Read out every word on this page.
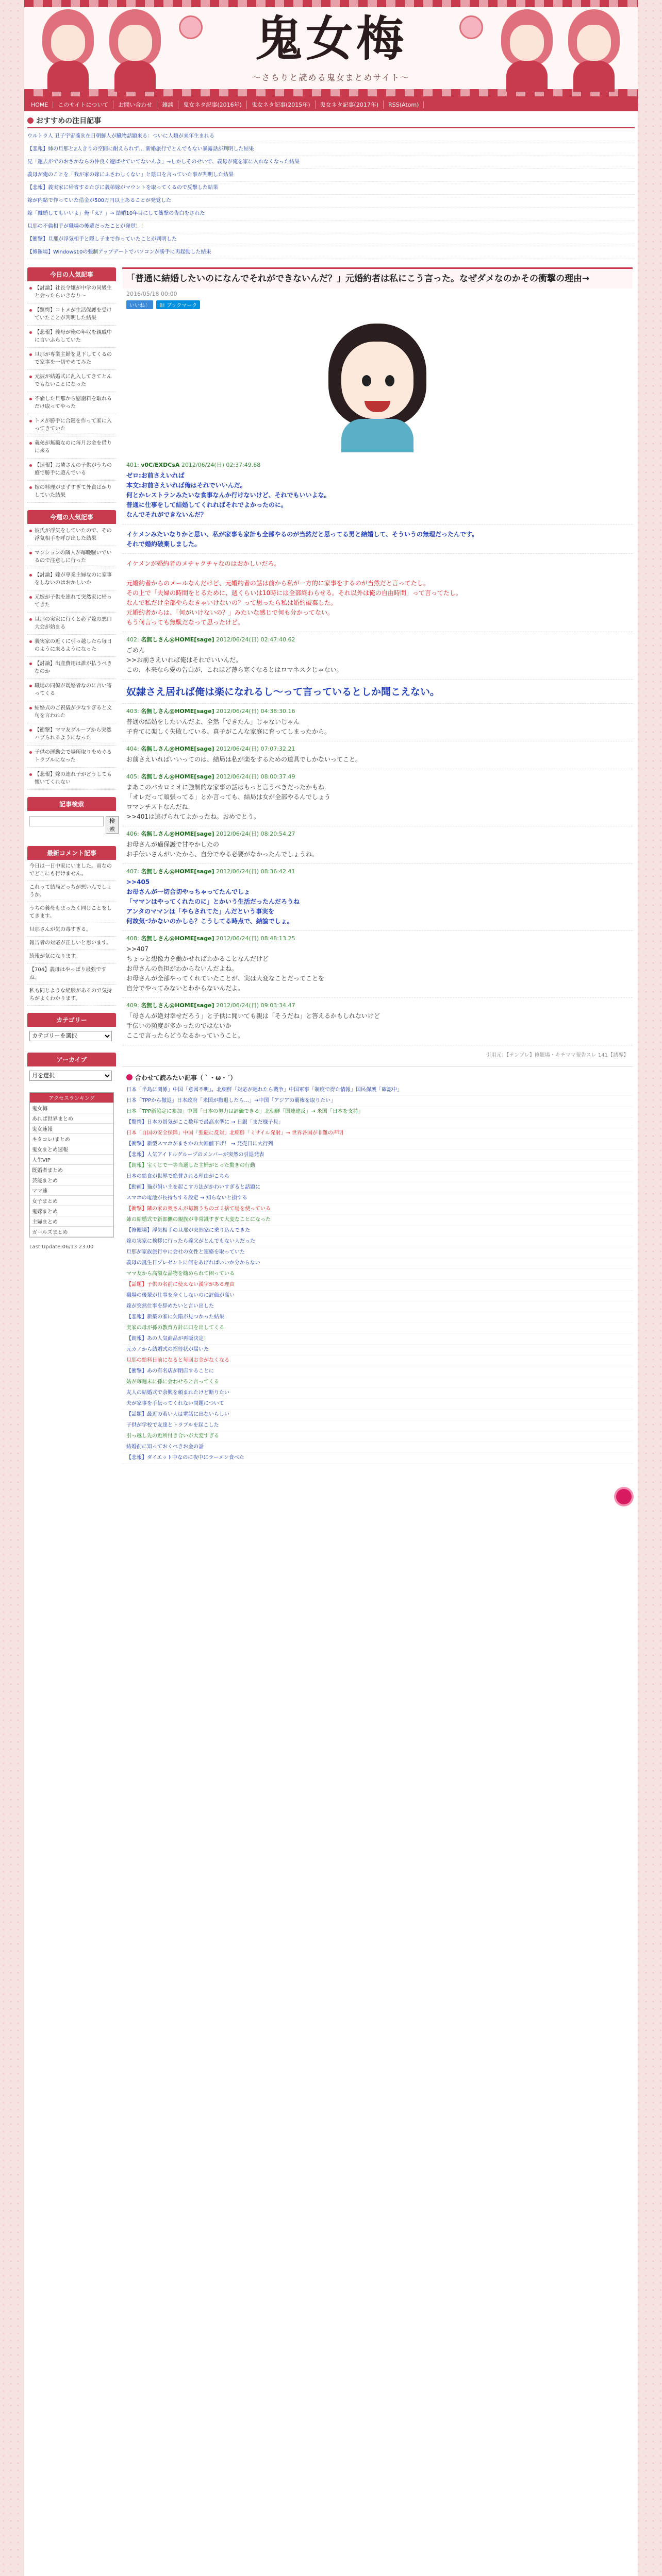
鬼女梅
～さらりと読める鬼女まとめサイト～
HOME	このサイトについて	お問い合わせ	雑談	鬼女ネタ記事(2016年)	鬼女ネタ記事(2015年)	鬼女ネタ記事(2017年)	RSS(Atom)
おすすめの注目記事
ウルトラ人 丑子宇宙藻Ｒ在日朝鮮人が臓物話題来る：ついに人類が来年生まれる
【悲報】姉の旦那と2人きりの空間に耐えられず… 新婚旅行でとんでもない暴露話が判明した結果
兄「運去がでのおさかならの仲良く遊ばせていてないんよ」→しかしそのせいで、義母が俺を家に入れなくなった結果
義母が俺のことを「我が家の嫁にふさわしくない」と陰口を言っていた事が判明した結果
【悲報】義実家に帰省するたびに義弟嫁がマウントを取ってくるので反撃した結果
嫁が内緒で作っていた借金が500万円以上あることが発覚した
嫁「離婚してもいいよ」俺「え？」→ 結婚10年目にして衝撃の告白をされた
旦那の不倫相手が職場の後輩だったことが発覚！！
【衝撃】旦那が浮気相手と隠し子まで作っていたことが判明した
【修羅場】Windows10の強制アップデートでパソコンが勝手に再起動した結果
今日の人気記事
【討論】社長令嬢が中学の同級生と会ったらいきなり〜
【驚愕】コトメが生活保護を受けていたことが判明した結果
【悲報】義母が俺の年収を親戚中に言いふらしていた
旦那が専業主婦を見下してくるので家事を一切やめてみた
元彼が結婚式に乱入してきてとんでもないことになった
不倫した旦那から慰謝料を取れるだけ取ってやった
トメが勝手に合鍵を作って家に入ってきていた
義弟が無職なのに毎月お金を借りに来る
【速報】お隣さんの子供がうちの庭で勝手に遊んでいる
嫁の料理がまずすぎて外食ばかりしていた結果
今週の人気記事
彼氏が浮気をしていたので、その浮気相手を呼び出した結果
マンションの隣人が毎晩騒いでいるので注意しに行った
【討論】嫁が専業主婦なのに家事をしないのはおかしいか
元嫁が子供を連れて突然家に帰ってきた
旦那の実家に行くと必ず嫁の悪口大会が始まる
義実家の近くに引っ越したら毎日のように来るようになった
【討論】出産費用は誰が払うべきなのか
職場の同僚が既婚者なのに言い寄ってくる
結婚式のご祝儀が少なすぎると文句を言われた
【衝撃】ママ友グループから突然ハブられるようになった
子供の運動会で場所取りをめぐるトラブルになった
【悲報】嫁の連れ子がどうしても懐いてくれない
記事検索
検索
最新コメント記事

今日は一日中家にいました。雨なのでどこにも行けません。

これって結局どっちが悪いんでしょうか。

うちの義母もまったく同じことをしてきます。

旦那さんが気の毒すぎる。

報告者の対応が正しいと思います。

続報が気になります。

【704】義母はやっぱり最強ですね。

私も同じような経験があるので気持ちがよくわかります。

カテゴリー
カテゴリーを選択
アーカイブ
月を選択
アクセスランキング
鬼女梅
あれば世界まとめ
鬼女速報
キタコレ!まとめ
鬼女まとめ速報
人生VIP
既婚者まとめ
芸能まとめ
ママ速
女子まとめ
鬼嫁まとめ
主婦まとめ
ガールズまとめ
Last Update:06/13 23:00
「普通に結婚したいのになんでそれができないんだ？」元婚約者は私にこう言った。なぜダメなのかその衝撃の理由→
2016/05/18 00:00
いいね！	B! ブックマーク
401: v0C/EXDCsA 2012/06/24(日) 02:37:49.68
ゼロ:お前さえいれば
本文:お前さえいれば俺はそれでいいんだ。
何とかレストランみたいな食事なんか行けないけど、それでもいいよな。
普通に仕事をして結婚してくれればそれでよかったのに。
なんでそれができないんだ？
イケメンみたいなりかと思い、私が家事も家計も全部やるのが当然だと思ってる男と結婚して、そういうの無理だったんです。
それで婚約破棄しました。
イケメンが婚約者のメチャクチャなのはおかしいだろ。

元婚約者からのメールなんだけど、元婚約者の話は前から私が一方的に家事をするのが当然だと言ってたし。
その上で「夫婦の時間をとるために、週くらいは10時には全部終わらせる。それ以外は俺の自由時間」って言ってたし。
なんで私だけ全部やらなきゃいけないの？って思ったら私は婚約破棄した。
元婚約者からは、「何がいけないの？」みたいな感じで何も分かってない。
もう何言っても無駄だなって思ったけど。
402: 名無しさん@HOME[sage] 2012/06/24(日) 02:47:40.62
ごめん
>>お前さえいれば俺はそれでいいんだ。
この、本来なら愛の告白が、これほど薄ら寒くなるとはロマネスクじゃない。
奴隷さえ居れば俺は楽になれるし〜って言っているとしか聞こえない。
403: 名無しさん@HOME[sage] 2012/06/24(日) 04:38:30.16
普通の結婚をしたいんだよ、全然「できたん」じゃないじゃん
子育てに楽しく失敗している、真子がこんな家庭に育ってしまったから。
404: 名無しさん@HOME[sage] 2012/06/24(日) 07:07:32.21
お前さえいればいいってのは、結局は私が楽をするための道具でしかないってこと。
405: 名無しさん@HOME[sage] 2012/06/24(日) 08:00:37.49
まあこのバカロミオに強制的な家事の話はもっと言うべきだったかもね
「オレだって頑張ってる」とか言っても、結局は女が全部やるんでしょう
ロマンチストなんだね
>>401は逃げられてよかったね。おめでとう。
406: 名無しさん@HOME[sage] 2012/06/24(日) 08:20:54.27
お母さんが過保護で甘やかしたの
お手伝いさんがいたから、自分でやる必要がなかったんでしょうね。
407: 名無しさん@HOME[sage] 2012/06/24(日) 08:36:42.41
>>405
お母さんが一切合切やっちゃってたんでしょ
「ママンはやってくれたのに」とかいう生活だったんだろうね
アンタのママンは「やらされてた」んだという事実を
何故気づかないのかしら？こうしてる時点で、結論でしょ。
408: 名無しさん@HOME[sage] 2012/06/24(日) 08:48:13.25
>>407
ちょっと想像力を働かせればわかることなんだけど
お母さんの負担がわからないんだよね。
お母さんが全部やってくれていたことが、実は大変なことだってことを
自分でやってみないとわからないんだよ。
409: 名無しさん@HOME[sage] 2012/06/24(日) 09:03:34.47
「母さんが絶対幸せだろう」と子供に聞いても親は「そうだね」と答えるかもしれないけど
手伝いの頻度が多かったのではないか
ここで言ったらどうなるかっていうこと。
引用元：【テンプレ】修羅場・キチママ報告スレ 141【誘導】
合わせて読みたい記事（｀・ω・´）
日本「半島に関係」中国「意図不明」。北朝鮮「対応が遅れたら戦争」中国軍事「制度で得た情報」国民保護「確認中」
日本「TPPから撤退」日本政府「米国が撤退したら…」→中国「アジアの覇権を取りたい」
日本「TPP新協定に参加」中国「日本の努力は評価できる」北朝鮮「国連違反」→ 米国「日本を支持」
【驚愕】日本の景気がここ数年で最高水準に → 日銀「まだ様子見」
日本「自国の安全保障」中国「強硬に反対」北朝鮮「ミサイル発射」→ 世界各国が非難の声明
【衝撃】新型スマホがまさかの大幅値下げ！ → 発売日に大行列
【悲報】人気アイドルグループのメンバーが突然の引退発表
【朗報】宝くじで一等当選した主婦がとった驚きの行動
日本の給食が世界で絶賛される理由がこちら
【動画】猫が飼い主を起こす方法がかわいすぎると話題に
スマホの電池が長持ちする設定 → 知らないと損する
【衝撃】隣の家の奥さんが毎朝うちのゴミ捨て場を使っている
姉の結婚式で新郎側の親族が非常識すぎて大変なことになった
【修羅場】浮気相手の旦那が突然家に乗り込んできた
嫁の実家に挨拶に行ったら義父がとんでもない人だった
旦那が家族旅行中に会社の女性と連絡を取っていた
義母の誕生日プレゼントに何をあげればいいか分からない
ママ友から高額な品物を勧められて困っている
【話題】子供の名前に使えない漢字がある理由
職場の後輩が仕事を全くしないのに評価が高い
嫁が突然仕事を辞めたいと言い出した
【悲報】新築の家に欠陥が見つかった結果
実家の母が孫の教育方針に口を出してくる
【朗報】あの人気商品が再販決定！
元カノから結婚式の招待状が届いた
旦那の給料日前になると毎回お金がなくなる
【衝撃】あの有名店が閉店することに
姑が毎週末に孫に会わせろと言ってくる
友人の結婚式で余興を頼まれたけど断りたい
夫が家事を手伝ってくれない問題について
【話題】最近の若い人は電話に出ないらしい
子供が学校で友達とトラブルを起こした
引っ越し先の近所付き合いが大変すぎる
結婚前に知っておくべきお金の話
【悲報】ダイエット中なのに夜中にラーメン食べた
